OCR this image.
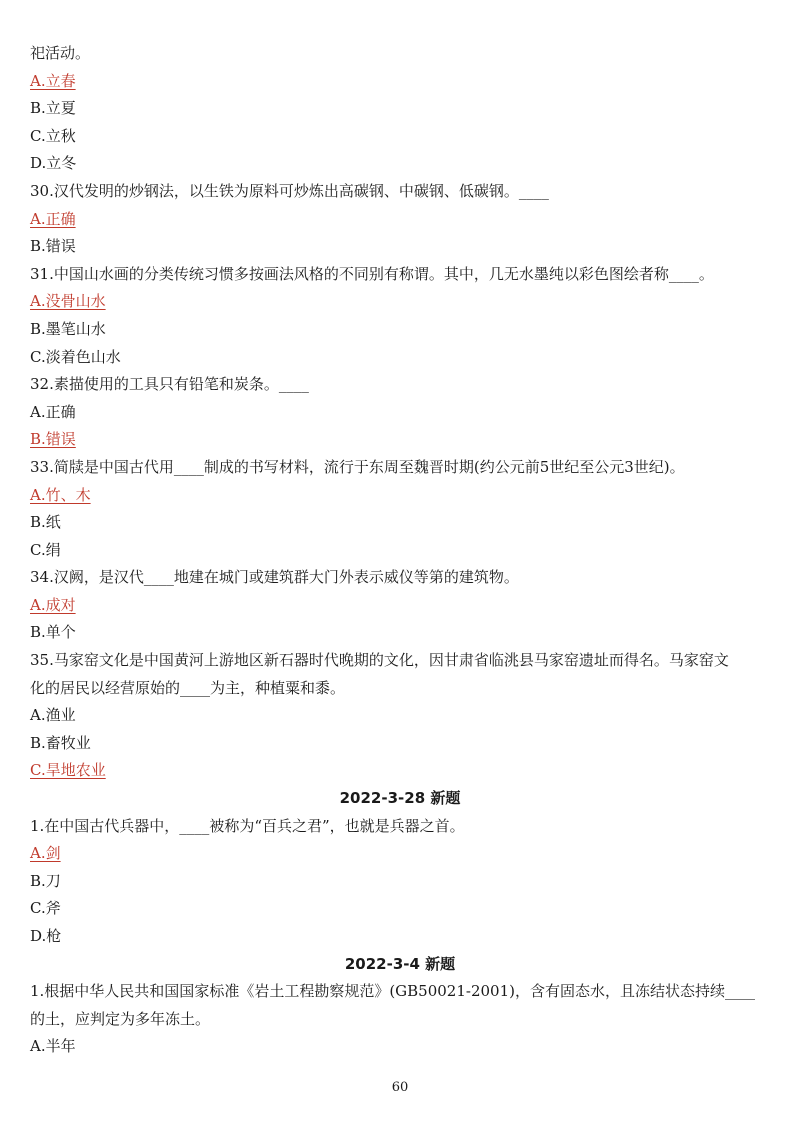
祀活动。
A.立春
B.立夏
C.立秋
D.立冬
30.汉代发明的炒钢法，以生铁为原料可炒炼出高碳钢、中碳钢、低碳钢。____
A.正确
B.错误
31.中国山水画的分类传统习惯多按画法风格的不同别有称谓。其中，几无水墨纯以彩色图绘者称____。
A.没骨山水
B.墨笔山水
C.淡着色山水
32.素描使用的工具只有铅笔和炭条。____
A.正确
B.错误
33.简牍是中国古代用____制成的书写材料，流行于东周至魏晋时期(约公元前5世纪至公元3世纪)。
A.竹、木
B.纸
C.绢
34.汉阙，是汉代____地建在城门或建筑群大门外表示威仪等第的建筑物。
A.成对
B.单个
35.马家窑文化是中国黄河上游地区新石器时代晚期的文化，因甘肃省临洮县马家窑遗址而得名。马家窑文
化的居民以经营原始的____为主，种植粟和黍。
A.渔业
B.畜牧业
C.旱地农业
2022-3-28 新题
1.在中国古代兵器中，____被称为“百兵之君”，也就是兵器之首。
A.剑
B.刀
C.斧
D.枪
2022-3-4 新题
1.根据中华人民共和国国家标准《岩土工程勘察规范》(GB50021-2001)，含有固态水，且冻结状态持续____
的土，应判定为多年冻土。
A.半年
60
